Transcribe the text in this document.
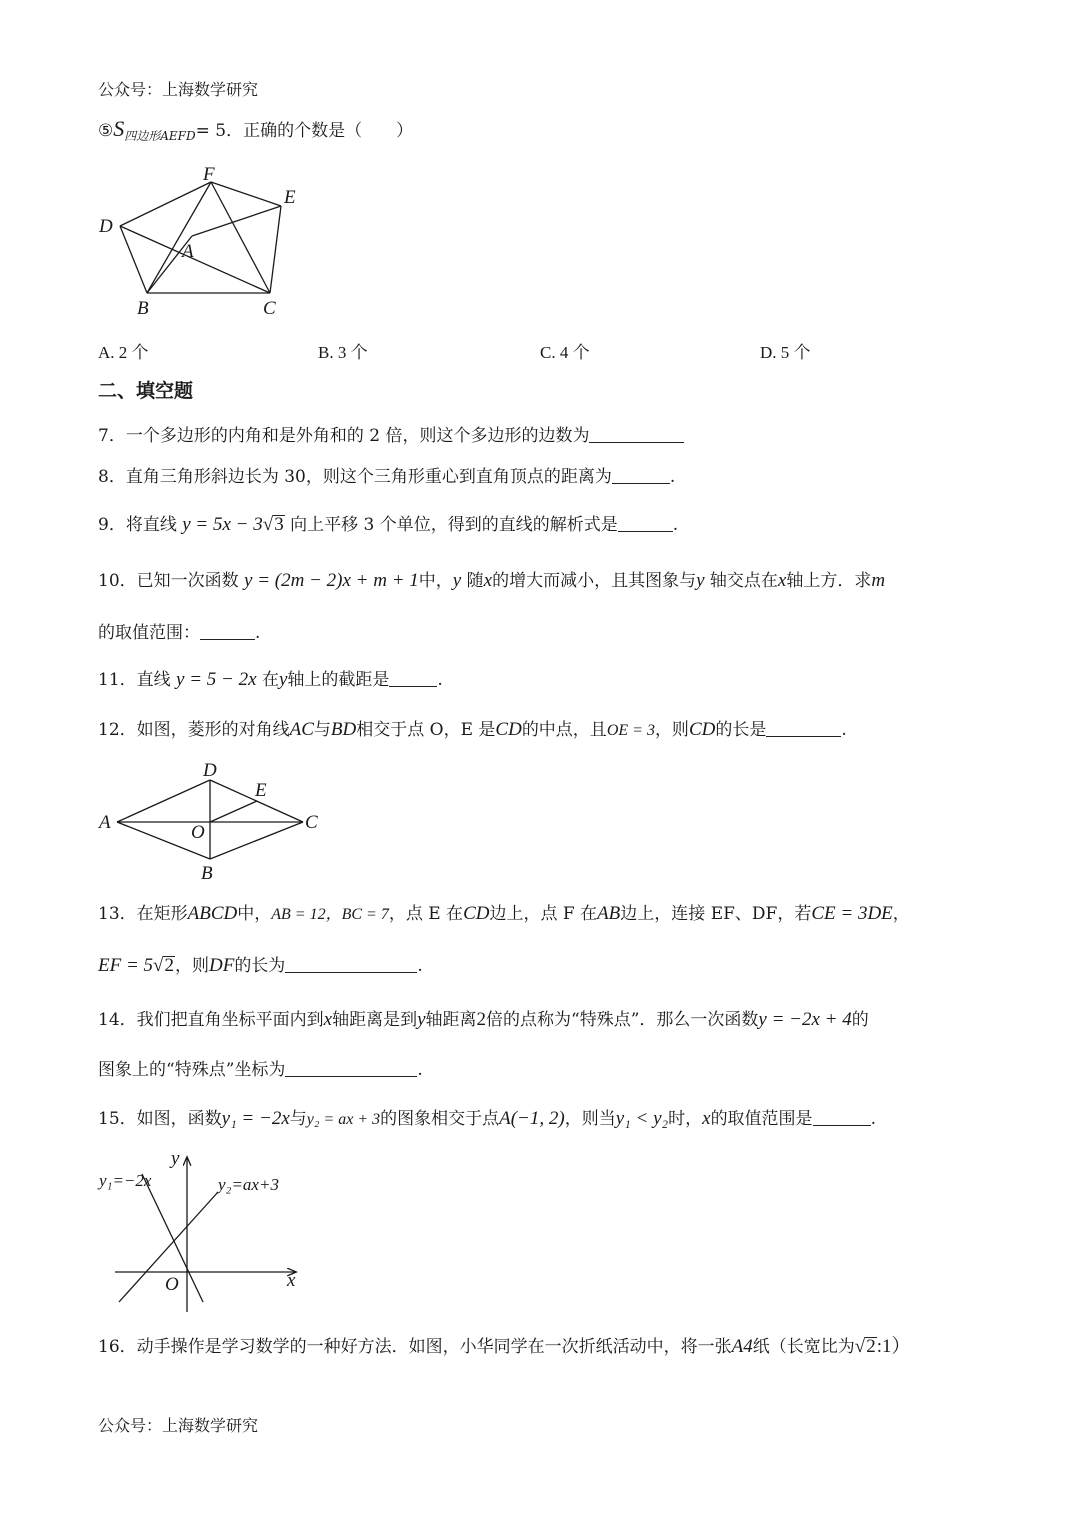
公众号：上海数学研究
$⑤S_{四边形AEFD}= 5$．正确的个数是（　　）
F
E
D
A
B	C
A. 2 个	B. 3 个	C. 4 个	D. 5 个
二、填空题
7．一个多边形的内角和是外角和的 2 倍，则这个多边形的边数为
8．直角三角形斜边长为 30，则这个三角形重心到直角顶点的距离为	.
9．将直线 y = 5x − 3√3 向上平移 3 个单位，得到的直线的解析式是	.
10．已知一次函数 y = (2m − 2)x + m + 1中，y 随x的增大而减小，且其图象与y 轴交点在x轴上方．求m
的取值范围：	.
11．直线 y = 5 − 2x 在y轴上的截距是	.
12．如图，菱形的对角线AC与BD相交于点 O，E 是CD的中点，且OE = 3，则CD的长是	.
D
E
A	O	C
B
13．在矩形ABCD中，AB = 12，BC = 7，点 E 在CD边上，点 F 在AB边上，连接 EF、DF，若CE = 3DE，
EF = 5√2，则DF的长为	.
14．我们把直角坐标平面内到x轴距离是到y轴距离2倍的点称为“特殊点”．那么一次函数y = −2x + 4的
图象上的“特殊点”坐标为	.
15．如图，函数y₁ = −2x与y₂ = ax + 3的图象相交于点A(−1, 2)，则当y₁ < y₂时，x的取值范围是	.
y
x
O
y₁=−2x	y₂=ax+3
16．动手操作是学习数学的一种好方法．如图，小华同学在一次折纸活动中，将一张A4纸（长宽比为√2:1）
公众号：上海数学研究
